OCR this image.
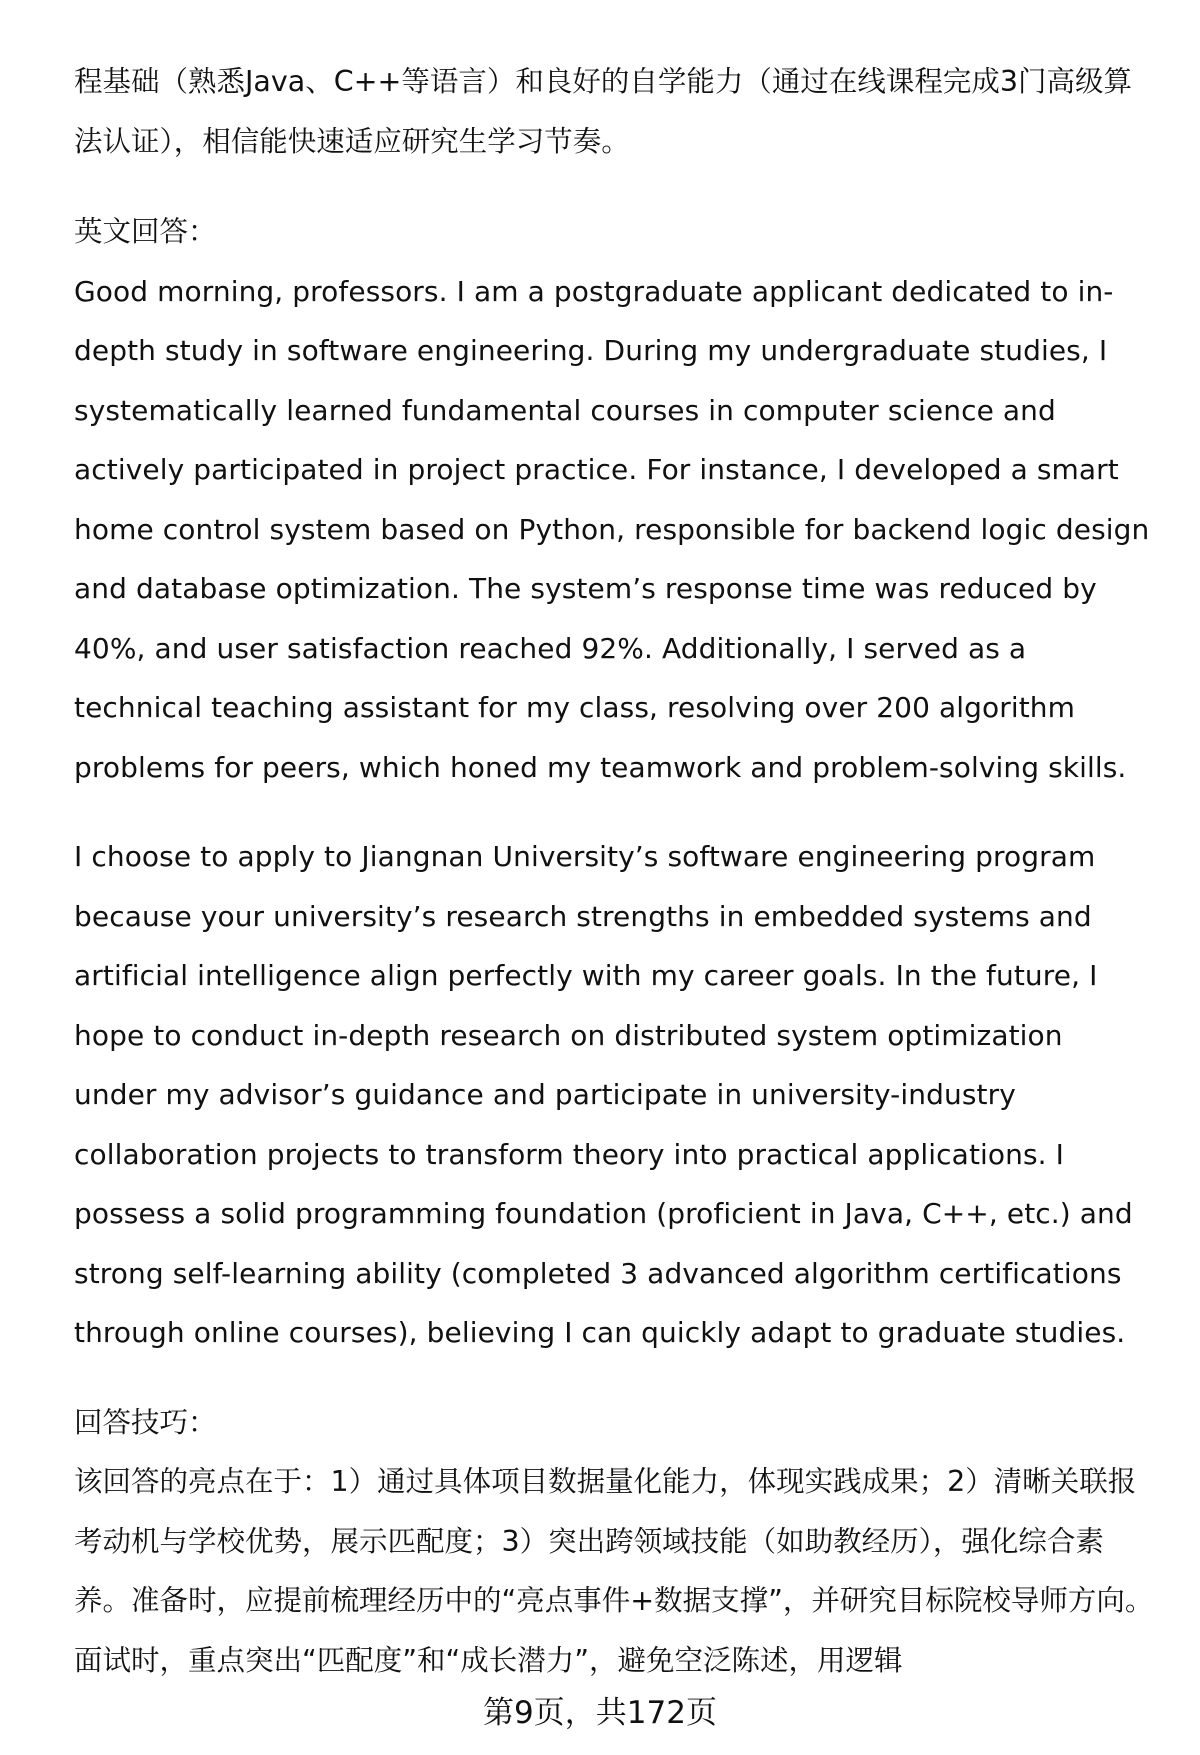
程基础（熟悉Java、C++等语言）和良好的自学能力（通过在线课程完成3门高级算法认证），相信能快速适应研究生学习节奏。

英文回答：

Good morning, professors. I am a postgraduate applicant dedicated to in-depth study in software engineering. During my undergraduate studies, I systematically learned fundamental courses in computer science and actively participated in project practice. For instance, I developed a smart home control system based on Python, responsible for backend logic design and database optimization. The system’s response time was reduced by 40%, and user satisfaction reached 92%. Additionally, I served as a technical teaching assistant for my class, resolving over 200 algorithm problems for peers, which honed my teamwork and problem-solving skills.

I choose to apply to Jiangnan University’s software engineering program because your university’s research strengths in embedded systems and artificial intelligence align perfectly with my career goals. In the future, I hope to conduct in-depth research on distributed system optimization under my advisor’s guidance and participate in university-industry collaboration projects to transform theory into practical applications. I possess a solid programming foundation (proficient in Java, C++, etc.) and strong self-learning ability (completed 3 advanced algorithm certifications through online courses), believing I can quickly adapt to graduate studies.

回答技巧：

该回答的亮点在于：1）通过具体项目数据量化能力，体现实践成果；2）清晰关联报考动机与学校优势，展示匹配度；3）突出跨领域技能（如助教经历），强化综合素养。准备时，应提前梳理经历中的“亮点事件+数据支撑”，并研究目标院校导师方向。面试时，重点突出“匹配度”和“成长潜力”，避免空泛陈述，用逻辑

第9页，共172页
